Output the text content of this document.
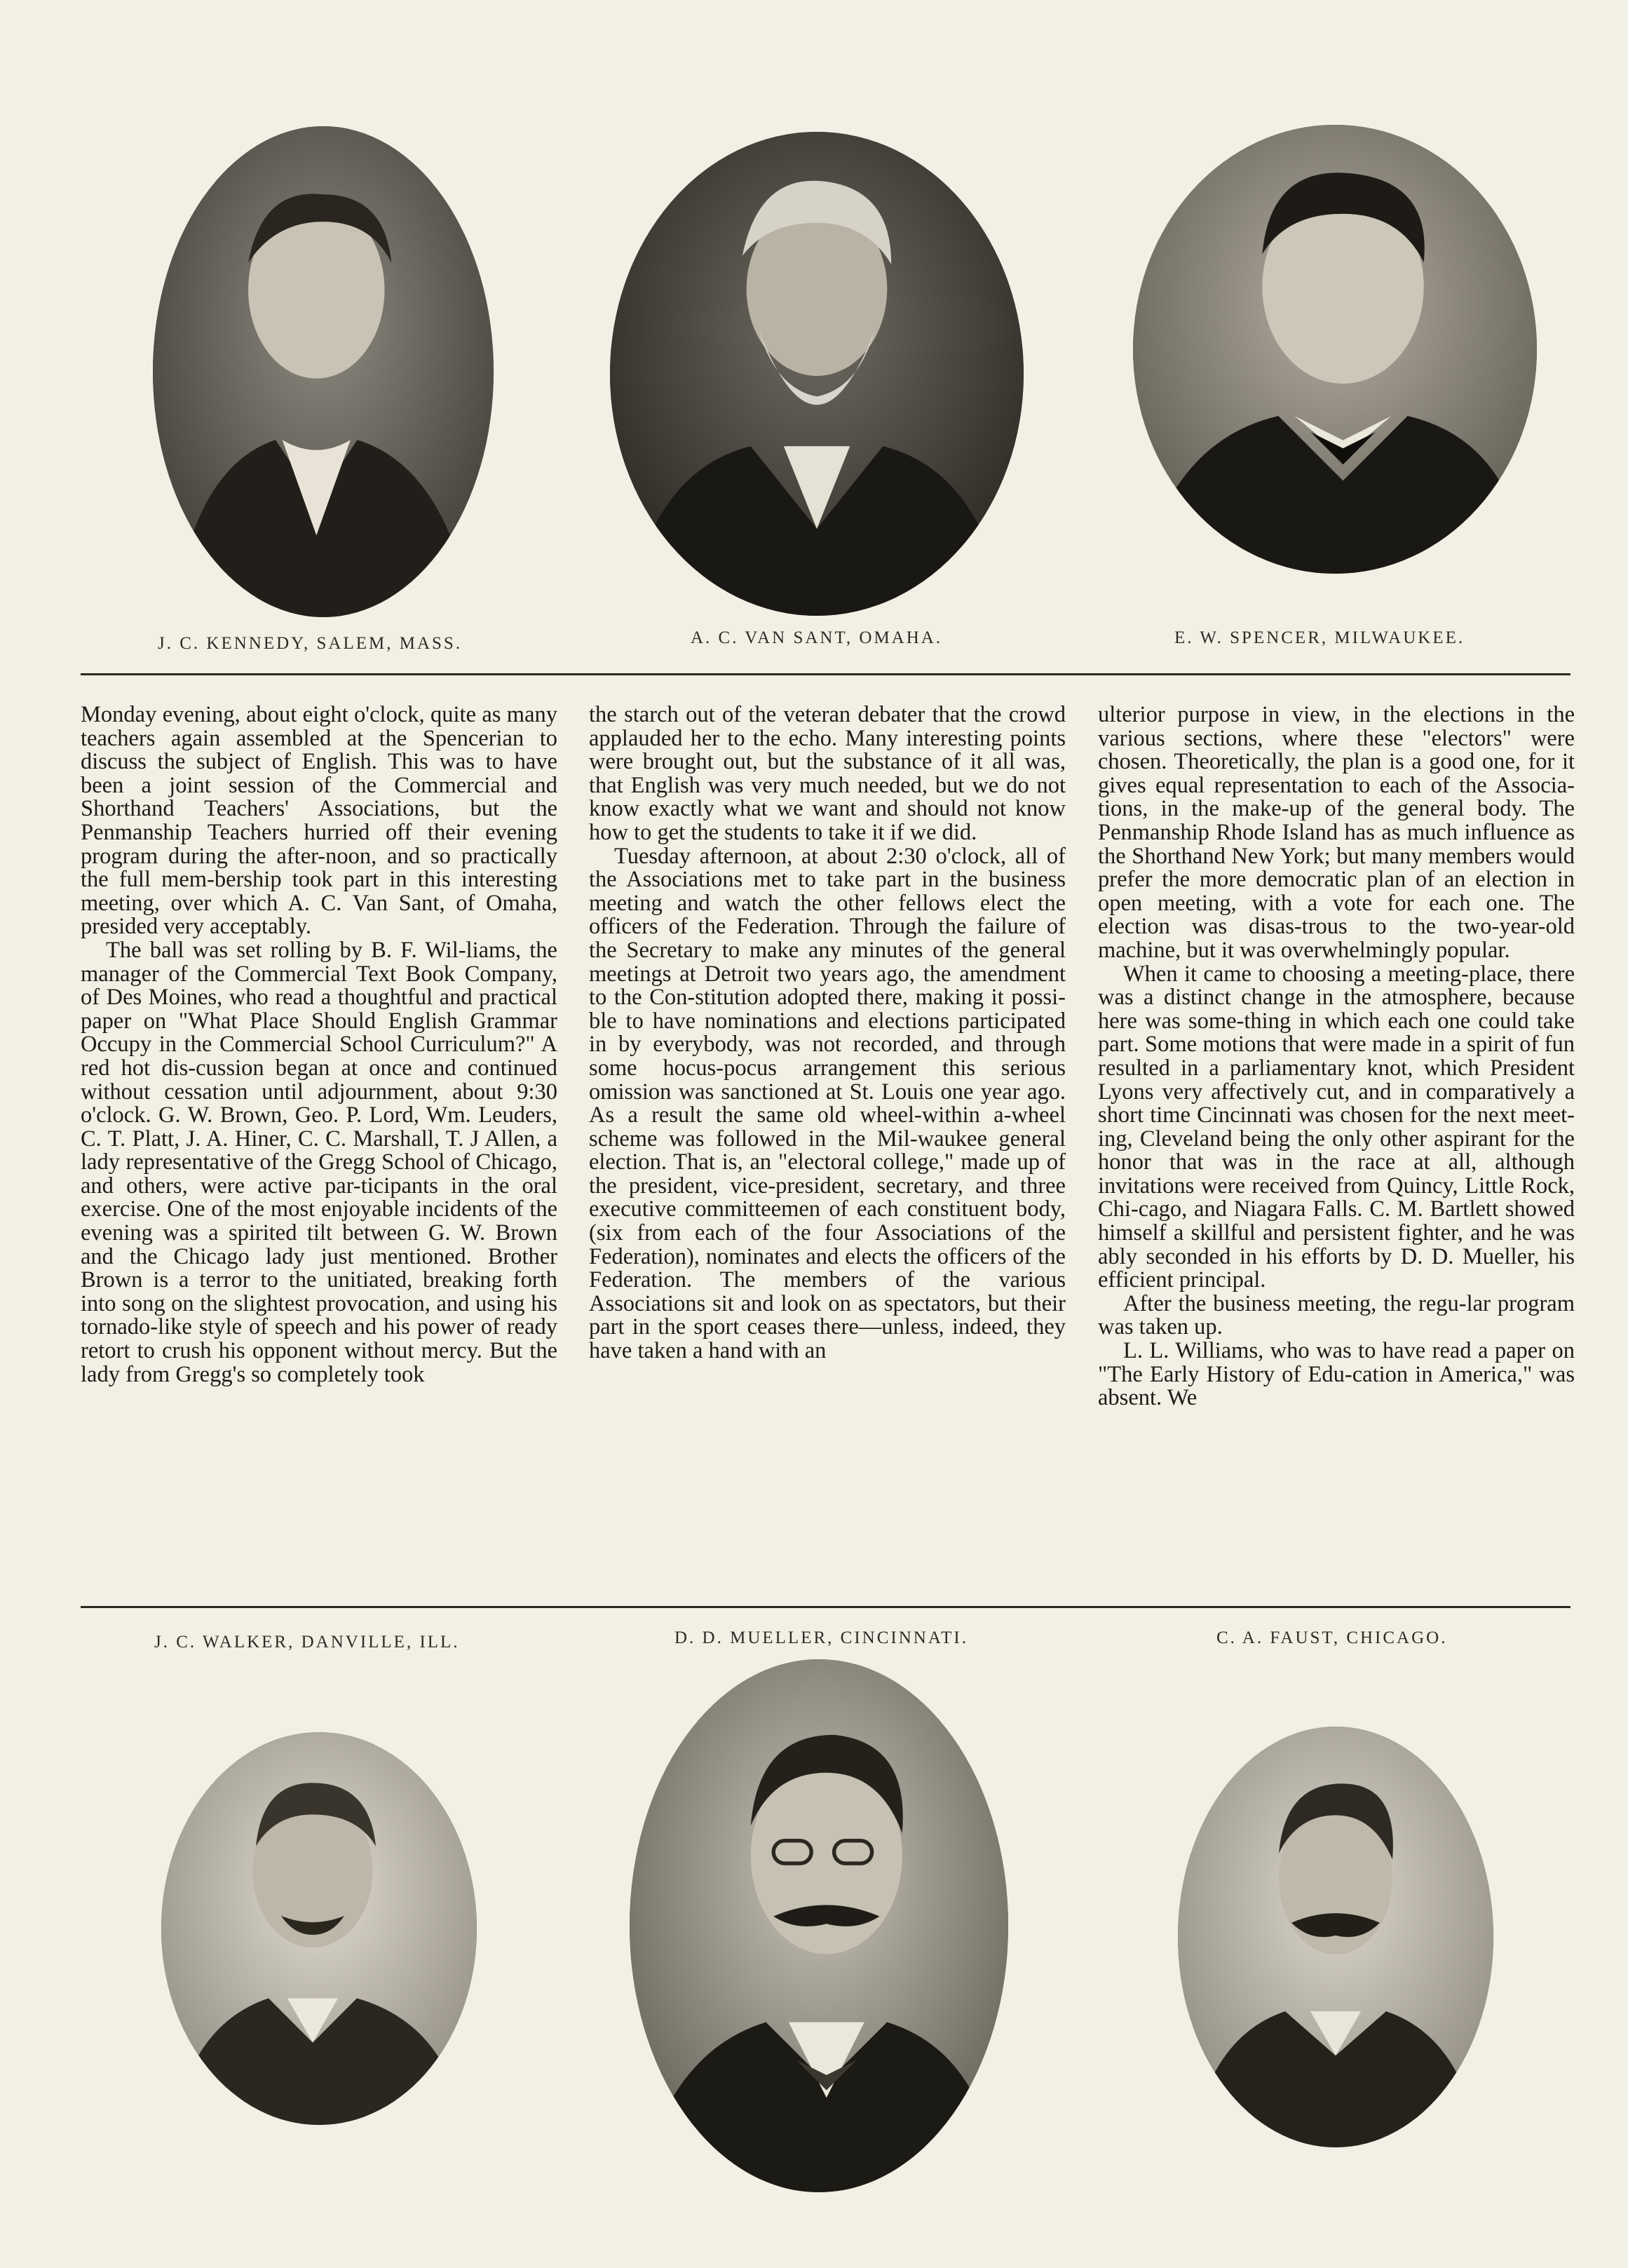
J. C. KENNEDY, SALEM, MASS.	A. C. VAN SANT, OMAHA.	E. W. SPENCER, MILWAUKEE.

Monday evening, about eight o'clock, quite as many teachers again assembled at the Spencerian to discuss the subject of English. This was to have been a joint session of the Commercial and Shorthand Teachers' Associations, but the Penmanship Teachers hurried off their evening program during the after-noon, and so practically the full mem-bership took part in this interesting meeting, over which A. C. Van Sant, of Omaha, presided very acceptably.

The ball was set rolling by B. F. Wil-liams, the manager of the Commercial Text Book Company, of Des Moines, who read a thoughtful and practical paper on "What Place Should English Grammar Occupy in the Commercial School Curriculum?" A red hot dis-cussion began at once and continued without cessation until adjournment, about 9:30 o'clock. G. W. Brown, Geo. P. Lord, Wm. Leuders, C. T. Platt, J. A. Hiner, C. C. Marshall, T. J Allen, a lady representative of the Gregg School of Chicago, and others, were active par-ticipants in the oral exercise. One of the most enjoyable incidents of the evening was a spirited tilt between G. W. Brown and the Chicago lady just mentioned. Brother Brown is a terror to the unitiated, breaking forth into song on the slightest provocation, and using his tornado-like style of speech and his power of ready retort to crush his opponent without mercy. But the lady from Gregg's so completely took

the starch out of the veteran debater that the crowd applauded her to the echo. Many interesting points were brought out, but the substance of it all was, that English was very much needed, but we do not know exactly what we want and should not know how to get the students to take it if we did.

Tuesday afternoon, at about 2:30 o'clock, all of the Associations met to take part in the business meeting and watch the other fellows elect the officers of the Federation. Through the failure of the Secretary to make any minutes of the general meetings at Detroit two years ago, the amendment to the Con-stitution adopted there, making it possi-ble to have nominations and elections participated in by everybody, was not recorded, and through some hocus-pocus arrangement this serious omission was sanctioned at St. Louis one year ago. As a result the same old wheel-within a-wheel scheme was followed in the Mil-waukee general election. That is, an "electoral college," made up of the president, vice-president, secretary, and three executive committeemen of each constituent body, (six from each of the four Associations of the Federation), nominates and elects the officers of the Federation. The members of the various Associations sit and look on as spectators, but their part in the sport ceases there—unless, indeed, they have taken a hand with an

ulterior purpose in view, in the elections in the various sections, where these "electors" were chosen. Theoretically, the plan is a good one, for it gives equal representation to each of the Associa-tions, in the make-up of the general body. The Penmanship Rhode Island has as much influence as the Shorthand New York; but many members would prefer the more democratic plan of an election in open meeting, with a vote for each one. The election was disas-trous to the two-year-old machine, but it was overwhelmingly popular.

When it came to choosing a meeting-place, there was a distinct change in the atmosphere, because here was some-thing in which each one could take part. Some motions that were made in a spirit of fun resulted in a parliamentary knot, which President Lyons very affectively cut, and in comparatively a short time Cincinnati was chosen for the next meet-ing, Cleveland being the only other aspirant for the honor that was in the race at all, although invitations were received from Quincy, Little Rock, Chi-cago, and Niagara Falls. C. M. Bartlett showed himself a skillful and persistent fighter, and he was ably seconded in his efforts by D. D. Mueller, his efficient principal.

After the business meeting, the regu-lar program was taken up.

L. L. Williams, who was to have read a paper on "The Early History of Edu-cation in America," was absent. We

J. C. WALKER, DANVILLE, ILL.	D. D. MUELLER, CINCINNATI.	C. A. FAUST, CHICAGO.
